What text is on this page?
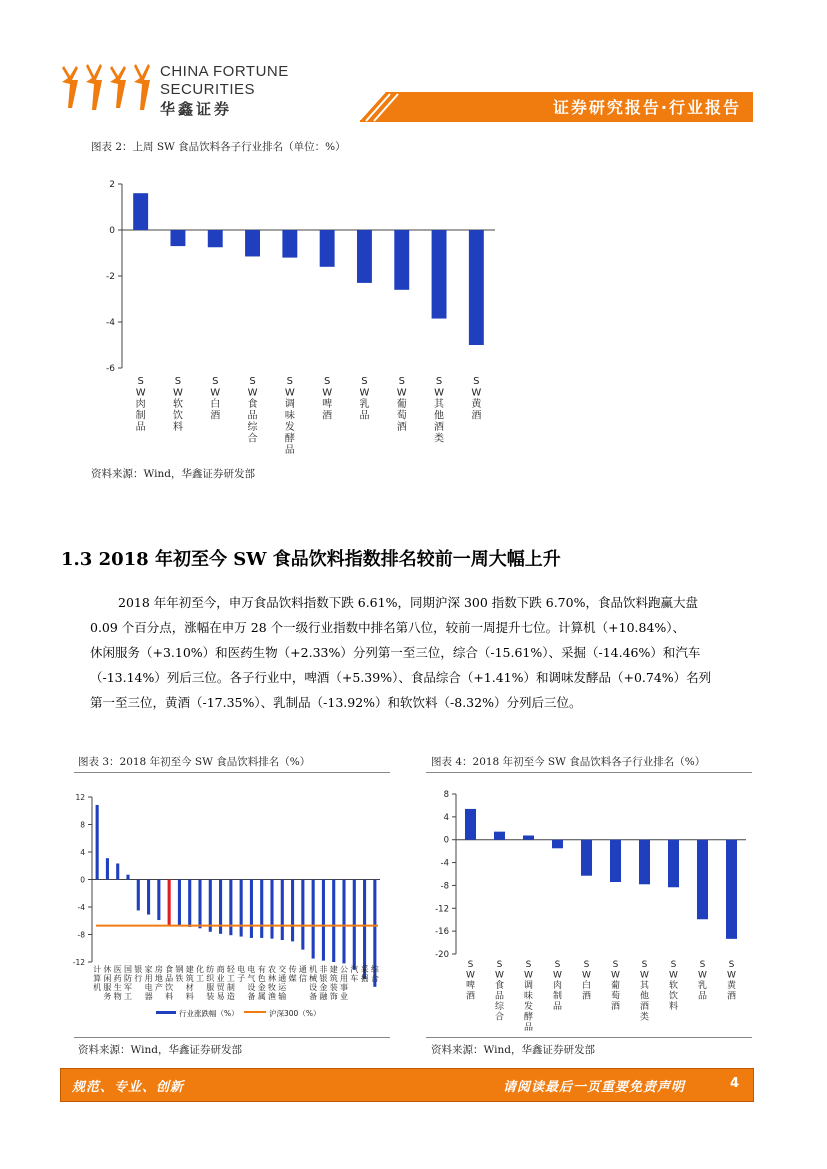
CHINA FORTUNE
SECURITIES
华鑫证券	证券研究报告·行业报告
图表 2：上周 SW 食品饮料各子行业排名（单位：%）
2
0
-2
-4
-6
S W 肉制品
S W 软饮料
S W 白酒
S W 食品综合
S W 调味发酵品
S W 啤酒
S W 乳品
S W 葡萄酒
S W 其他酒类
S W 黄酒
资料来源：Wind，华鑫证券研发部
1.3 2018 年初至今 SW 食品饮料指数排名较前一周大幅上升

2018 年年初至今，申万食品饮料指数下跌 6.61%，同期沪深 300 指数下跌 6.70%，食品饮料跑赢大盘

0.09 个百分点，涨幅在申万 28 个一级行业指数中排名第八位，较前一周提升七位。计算机（+10.84%）、

休闲服务（+3.10%）和医药生物（+2.33%）分列第一至三位，综合（-15.61%）、采掘（-14.46%）和汽车

（-13.14%）列后三位。各子行业中，啤酒（+5.39%）、食品综合（+1.41%）和调味发酵品（+0.74%）名列

第一至三位，黄酒（-17.35%）、乳制品（-13.92%）和软饮料（-8.32%）分列后三位。

图表 3：2018 年初至今 SW 食品饮料排名（%）
12
8
4
0
-4
-8
-12
计算机
休闲服务
医药生物
国防军工
银行
家用电器
房地产
食品饮料
钢铁
建筑材料
化工
纺织服装
商业贸易
轻工制造
电子
电气设备
有色金属
农林牧渔
交通运输
传媒
通信
机械设备
非银金融
建筑装饰
公用事业
汽车
采掘
综合
行业涨跌幅（%）	沪深300（%）
资料来源：Wind，华鑫证券研发部
图表 4：2018 年初至今 SW 食品饮料各子行业排名（%）
8
4
0
-4
-8
-12
-16
-20
S W 啤酒
S W 食品综合
S W 调味发酵品
S W 肉制品
S W 白酒
S W 葡萄酒
S W 其他酒类
S W 软饮料
S W 乳品
S W 黄酒
资料来源：Wind，华鑫证券研发部
规范、专业、创新	请阅读最后一页重要免责声明	4
